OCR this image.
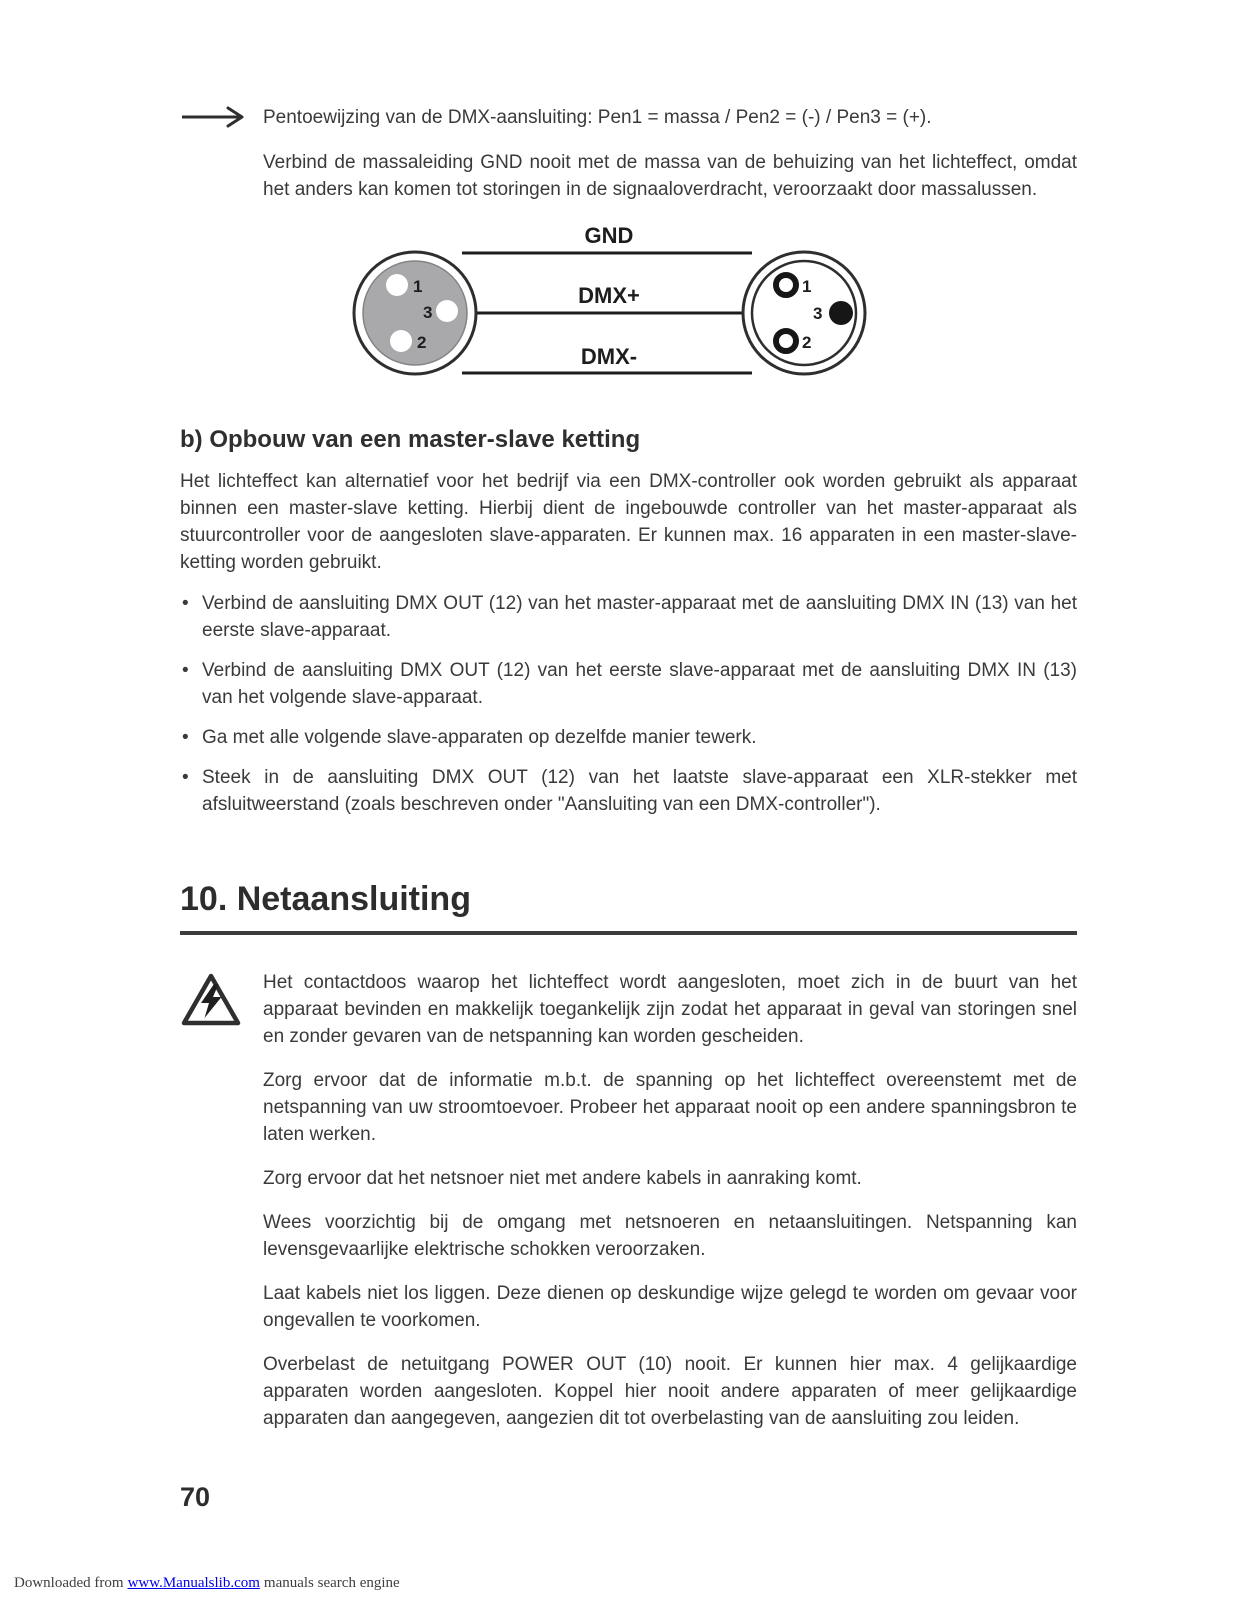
Pentoewijzing van de DMX-aansluiting: Pen1 = massa / Pen2 = (-) / Pen3 = (+).

Verbind de massaleiding GND nooit met de massa van de behuizing van het lichteffect, omdat het anders kan komen tot storingen in de signaaloverdracht, veroorzaakt door massalussen.

GND
DMX+
DMX-
1
3
2
1
3
2
b) Opbouw van een master-slave ketting

Het lichteffect kan alternatief voor het bedrijf via een DMX-controller ook worden gebruikt als apparaat binnen een master-slave ketting. Hierbij dient de ingebouwde controller van het master-apparaat als stuurcontroller voor de aangesloten slave-apparaten. Er kunnen max. 16 apparaten in een master-slave-ketting worden gebruikt.

• Verbind de aansluiting DMX OUT (12) van het master-apparaat met de aansluiting DMX IN (13) van het eerste slave-apparaat.
• Verbind de aansluiting DMX OUT (12) van het eerste slave-apparaat met de aansluiting DMX IN (13) van het volgende slave-apparaat.
• Ga met alle volgende slave-apparaten op dezelfde manier tewerk.
• Steek in de aansluiting DMX OUT (12) van het laatste slave-apparaat een XLR-stekker met afsluitweerstand (zoals beschreven onder "Aansluiting van een DMX-controller").
10. Netaansluiting

Het contactdoos waarop het lichteffect wordt aangesloten, moet zich in de buurt van het apparaat bevinden en makkelijk toegankelijk zijn zodat het apparaat in geval van storingen snel en zonder gevaren van de netspanning kan worden gescheiden.

Zorg ervoor dat de informatie m.b.t. de spanning op het lichteffect overeenstemt met de netspanning van uw stroomtoevoer. Probeer het apparaat nooit op een andere spanningsbron te laten werken.

Zorg ervoor dat het netsnoer niet met andere kabels in aanraking komt.

Wees voorzichtig bij de omgang met netsnoeren en netaansluitingen. Netspanning kan levensgevaarlijke elektrische schokken veroorzaken.

Laat kabels niet los liggen. Deze dienen op deskundige wijze gelegd te worden om gevaar voor ongevallen te voorkomen.

Overbelast de netuitgang POWER OUT (10) nooit. Er kunnen hier max. 4 gelijkaardige apparaten worden aangesloten. Koppel hier nooit andere apparaten of meer gelijkaardige apparaten dan aangegeven, aangezien dit tot overbelasting van de aansluiting zou leiden.

70
Downloaded from www.Manualslib.com manuals search engine
